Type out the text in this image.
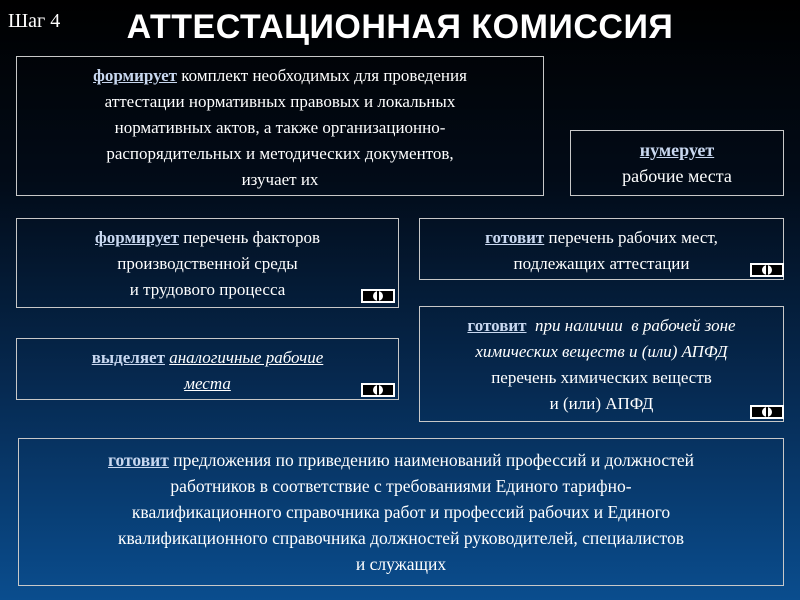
Шаг 4	АТТЕСТАЦИОННАЯ КОМИССИЯ
формирует комплект необходимых для проведения
аттестации нормативных правовых и локальных
нормативных актов, а также организационно-
распорядительных и методических документов,
изучает их
нумерует
рабочие места
формирует перечень факторов
производственной среды
и трудового процесса
готовит перечень рабочих мест,
подлежащих аттестации
выделяет аналогичные рабочие
места
готовит при наличии в рабочей зоне
химических веществ и (или) АПФД
перечень химических веществ
и (или) АПФД
готовит предложения по приведению наименований профессий и должностей
работников в соответствие с требованиями Единого тарифно-
квалификационного справочника работ и профессий рабочих и Единого
квалификационного справочника должностей руководителей, специалистов
и служащих
